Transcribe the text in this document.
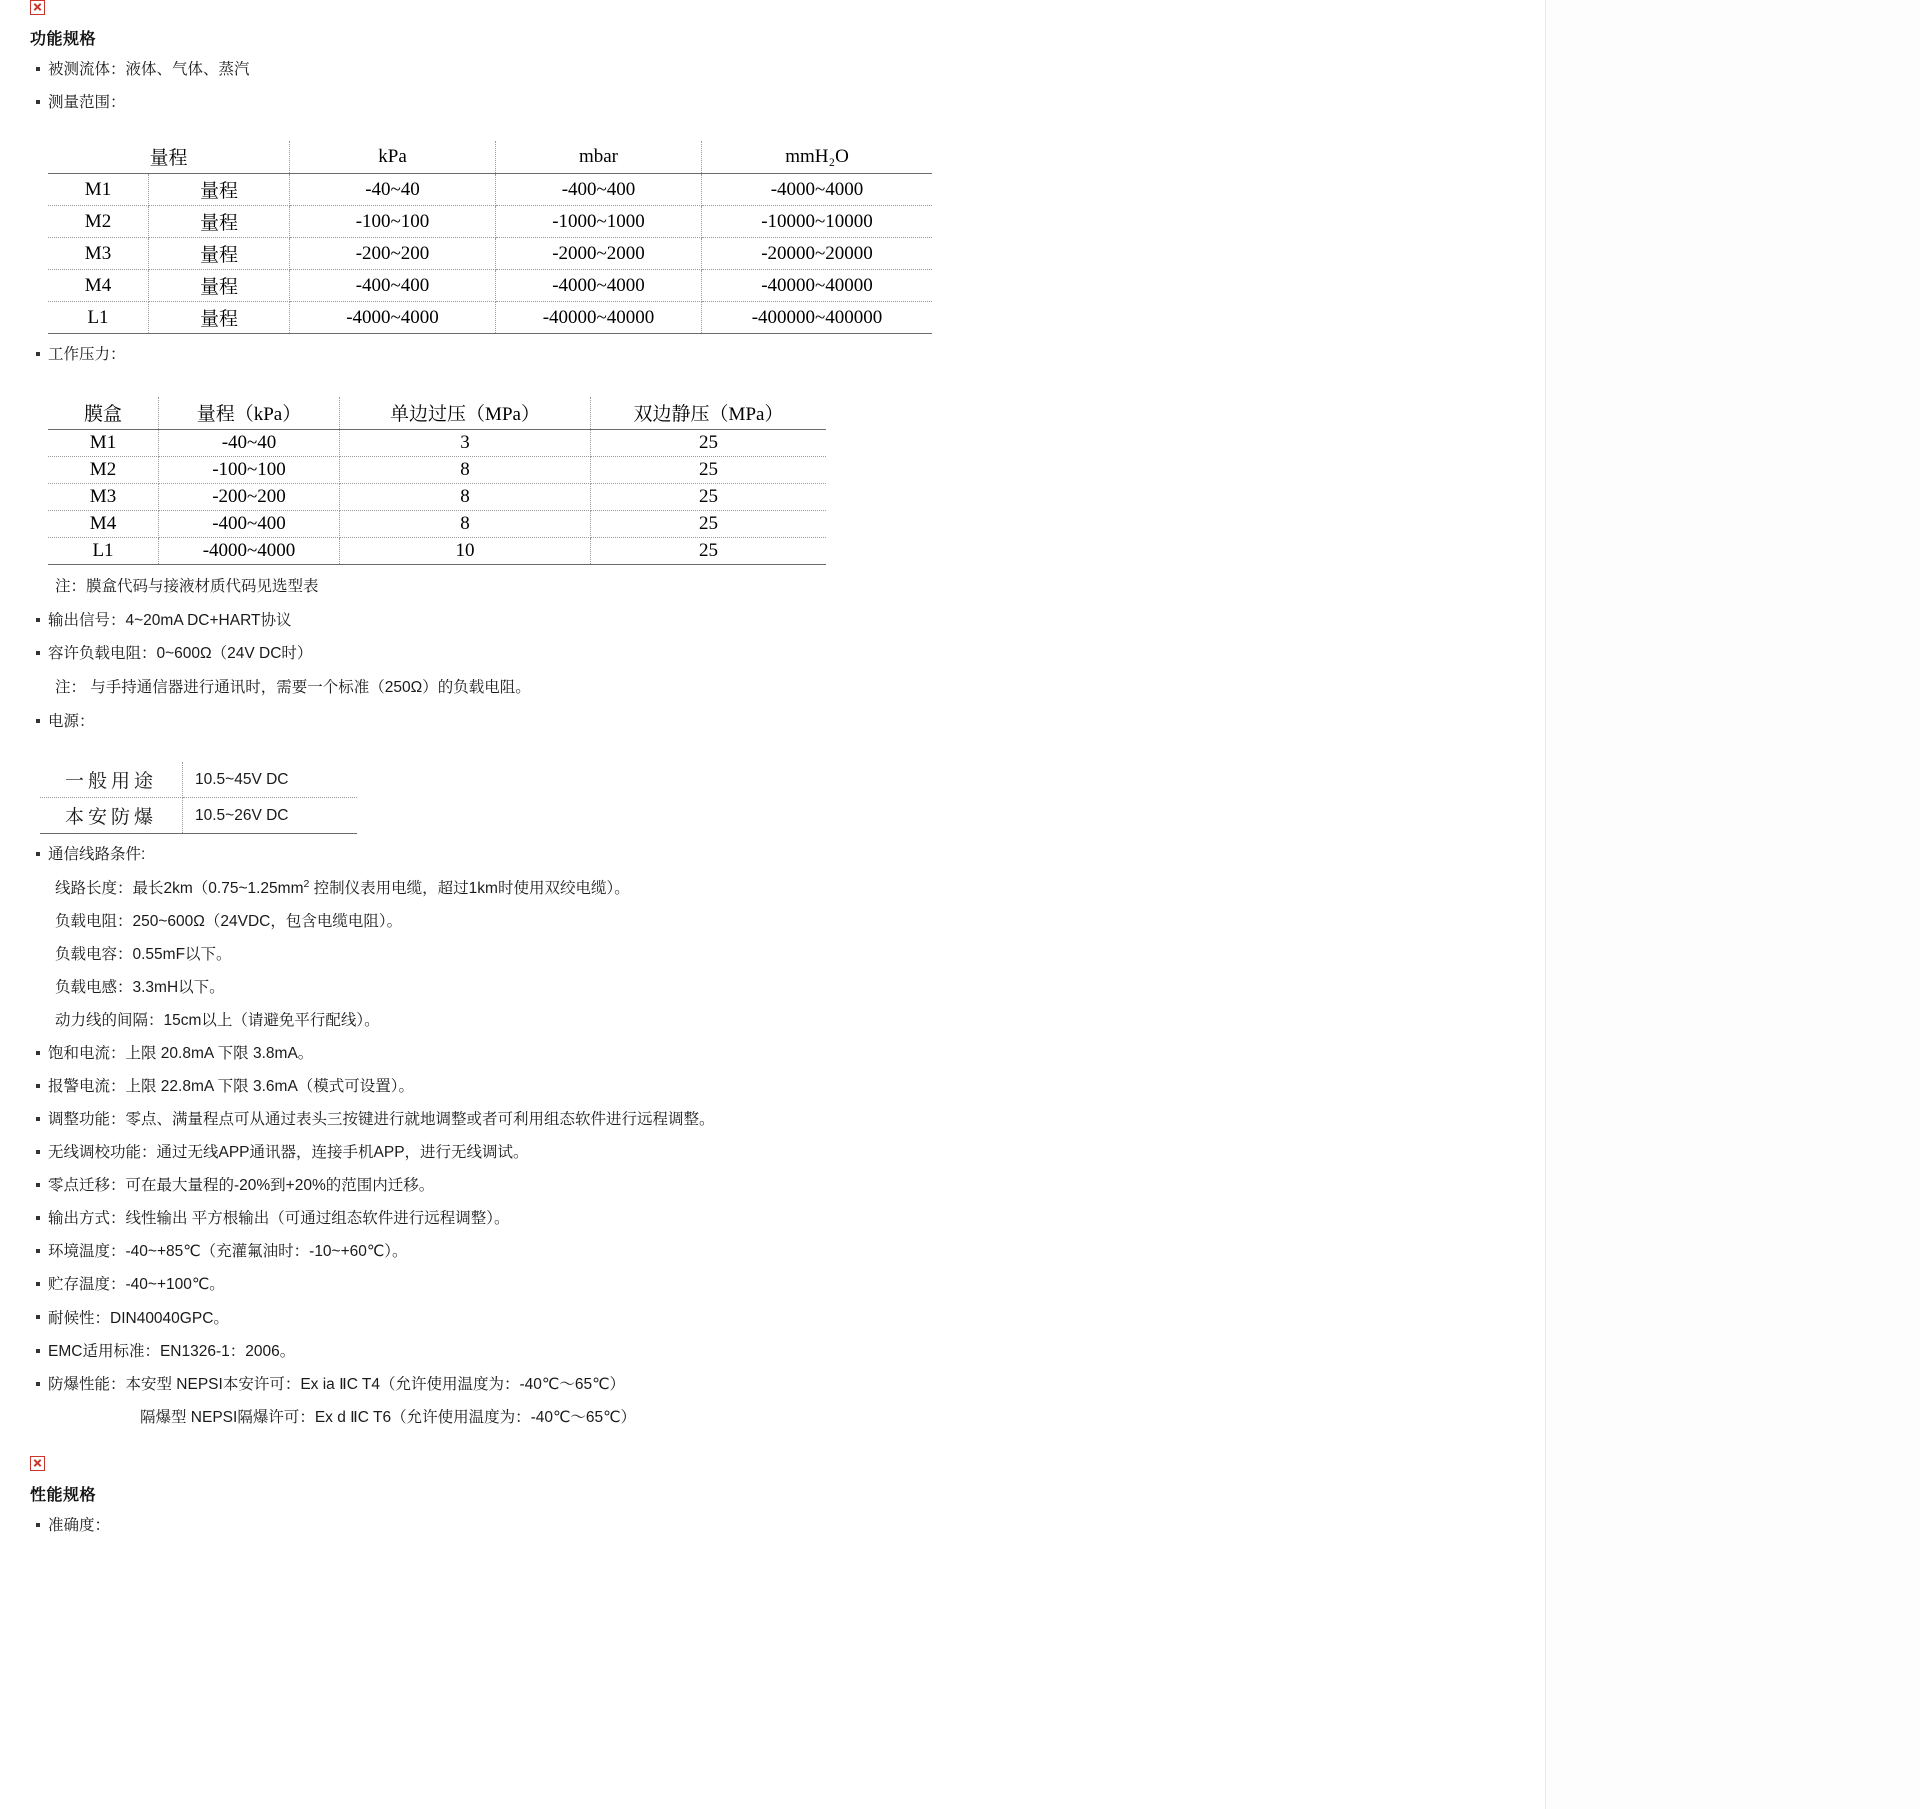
功能规格
被测流体：液体、气体、蒸汽
测量范围：
量程		kPa	mbar	mmH₂O
M1	量程	-40~40	-400~400	-4000~4000
M2	量程	-100~100	-1000~1000	-10000~10000
M3	量程	-200~200	-2000~2000	-20000~20000
M4	量程	-400~400	-4000~4000	-40000~40000
L1	量程	-4000~4000	-40000~40000	-400000~400000
工作压力：
膜盒	量程（kPa）	单边过压（MPa）	双边静压（MPa）
M1	-40~40	3	25
M2	-100~100	8	25
M3	-200~200	8	25
M4	-400~400	8	25
L1	-4000~4000	10	25
注：膜盒代码与接液材质代码见选型表
输出信号：4~20mA DC+HART协议
容许负载电阻：0~600Ω（24V DC时）
注： 与手持通信器进行通讯时，需要一个标准（250Ω）的负载电阻。
电源：
一般用途	10.5~45V DC
本安防爆	10.5~26V DC
通信线路条件:
线路长度：最长$2km(0.75\sim 1.25mm^2$ 控制仪表用电缆，超过1km时使用双绞电缆）。
负载电阻：250~600Ω（24VDC，包含电缆电阻）。
负载电容：0.55mF以下。
负载电感：3.3mH以下。
动力线的间隔：15cm以上（请避免平行配线）。
饱和电流：上限 20.8mA 下限 3.8mA。
报警电流：上限 22.8mA 下限 3.6mA（模式可设置）。
调整功能：零点、满量程点可从通过表头三按键进行就地调整或者可利用组态软件进行远程调整。
无线调校功能：通过无线APP通讯器，连接手机APP，进行无线调试。
零点迁移：可在最大量程的-20%到+20%的范围内迁移。
输出方式：线性输出 平方根输出（可通过组态软件进行远程调整）。
环境温度：-40~+85℃（充灌氟油时：-10~+60℃）。
贮存温度：-40~+100℃。
耐候性：DIN40040GPC。
EMC适用标准：EN1326-1：2006。
防爆性能：本安型 NEPSI本安许可：Ex ia ⅡC T4（允许使用温度为：-40℃～65℃）
隔爆型 NEPSI隔爆许可：Ex d ⅡC T6（允许使用温度为：-40℃～65℃）
性能规格
准确度：
